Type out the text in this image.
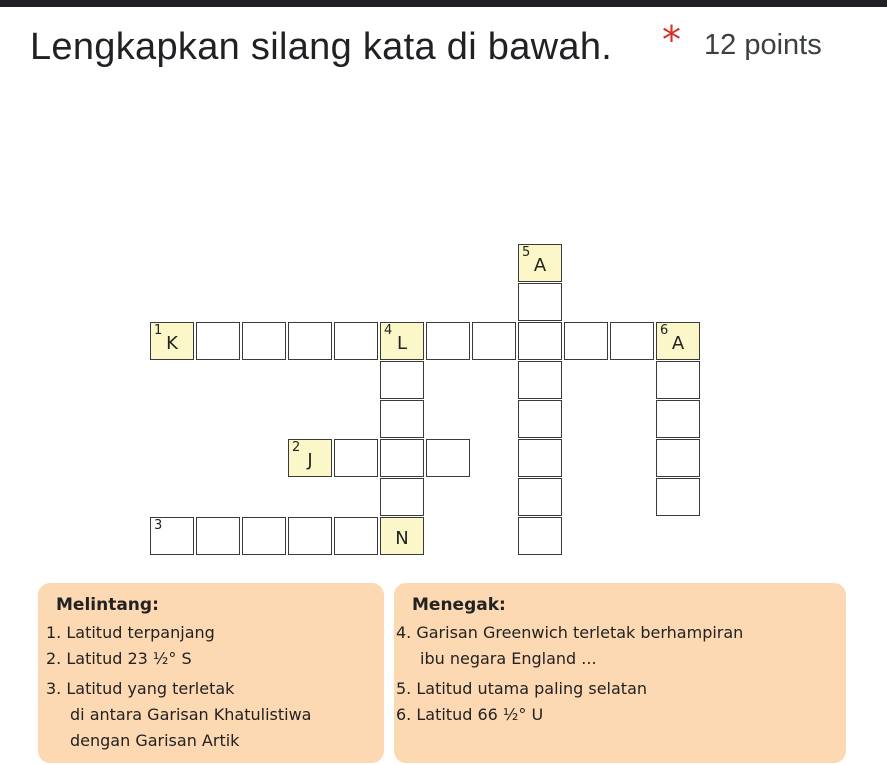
Lengkapkan silang kata di bawah.	* 12 points
5
A
1
K
4
L
6
A
2
J
3
N
Melintang:
1. Latitud terpanjang
2. Latitud 23 ½° S
3. Latitud yang terletak
di antara Garisan Khatulistiwa
dengan Garisan Artik
Menegak:
4. Garisan Greenwich terletak berhampiran
ibu negara England ...
5. Latitud utama paling selatan
6. Latitud 66 ½° U
